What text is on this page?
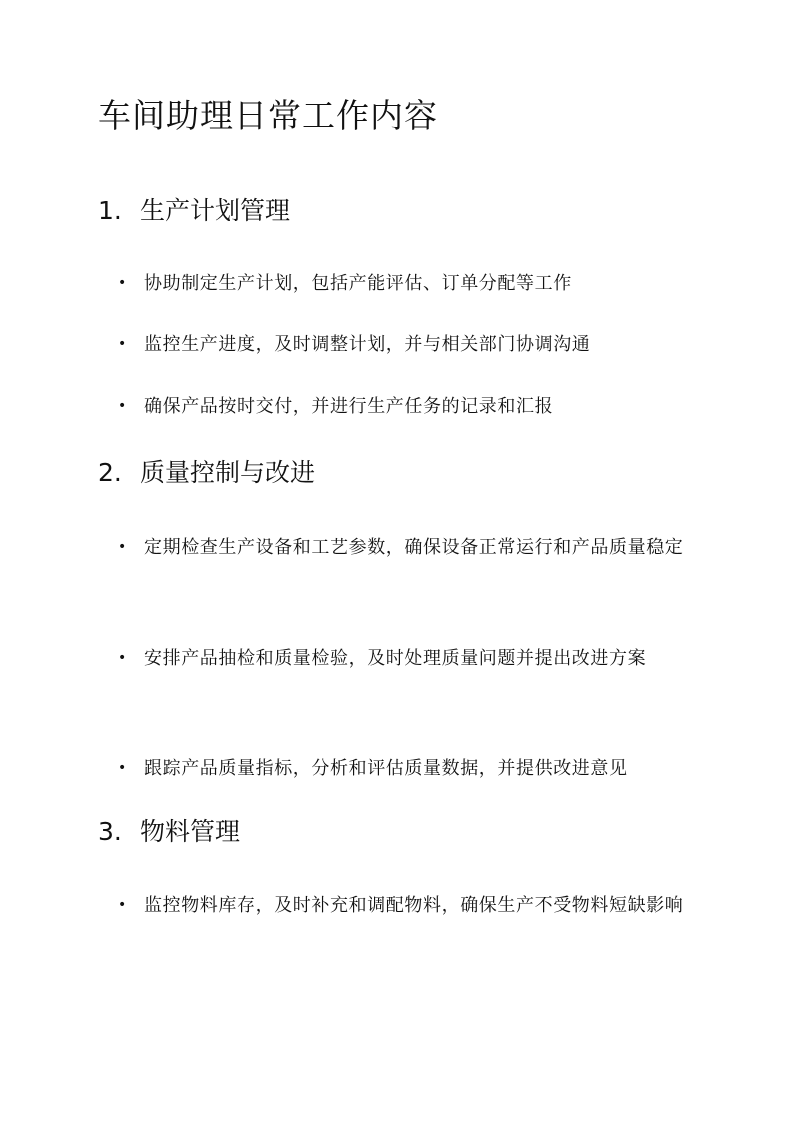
车间助理日常工作内容
1. 生产计划管理
• 协助制定生产计划，包括产能评估、订单分配等工作
• 监控生产进度，及时调整计划，并与相关部门协调沟通
• 确保产品按时交付，并进行生产任务的记录和汇报
2. 质量控制与改进
• 定期检查生产设备和工艺参数，确保设备正常运行和产品质量稳定
• 安排产品抽检和质量检验，及时处理质量问题并提出改进方案
• 跟踪产品质量指标，分析和评估质量数据，并提供改进意见
3. 物料管理
• 监控物料库存，及时补充和调配物料，确保生产不受物料短缺影响
